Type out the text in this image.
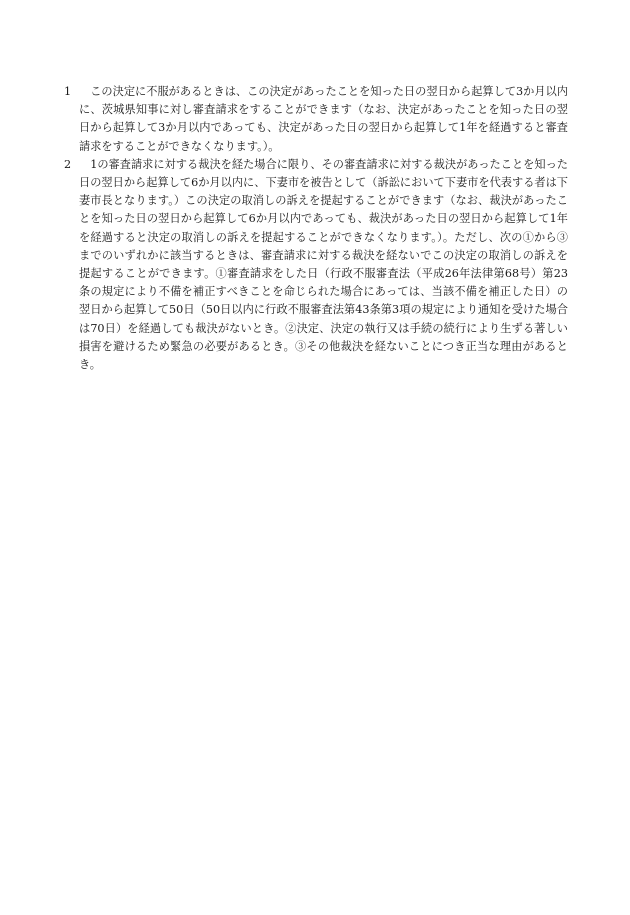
1 　この決定に不服があるときは、この決定があったことを知った日の翌日から起算して3か月以内に、茨城県知事に対し審査請求をすることができます（なお、決定があったことを知った日の翌日から起算して3か月以内であっても、決定があった日の翌日から起算して1年を経過すると審査請求をすることができなくなります。）。

2 　1の審査請求に対する裁決を経た場合に限り、その審査請求に対する裁決があったことを知った日の翌日から起算して6か月以内に、下妻市を被告として（訴訟において下妻市を代表する者は下妻市長となります。）この決定の取消しの訴えを提起することができます（なお、裁決があったことを知った日の翌日から起算して6か月以内であっても、裁決があった日の翌日から起算して1年を経過すると決定の取消しの訴えを提起することができなくなります。）。ただし、次の①から③までのいずれかに該当するときは、審査請求に対する裁決を経ないでこの決定の取消しの訴えを提起することができます。①審査請求をした日（行政不服審査法（平成26年法律第68号）第23条の規定により不備を補正すべきことを命じられた場合にあっては、当該不備を補正した日）の翌日から起算して50日（50日以内に行政不服審査法第43条第3項の規定により通知を受けた場合は70日）を経過しても裁決がないとき。②決定、決定の執行又は手続の続行により生ずる著しい損害を避けるため緊急の必要があるとき。③その他裁決を経ないことにつき正当な理由があるとき。
